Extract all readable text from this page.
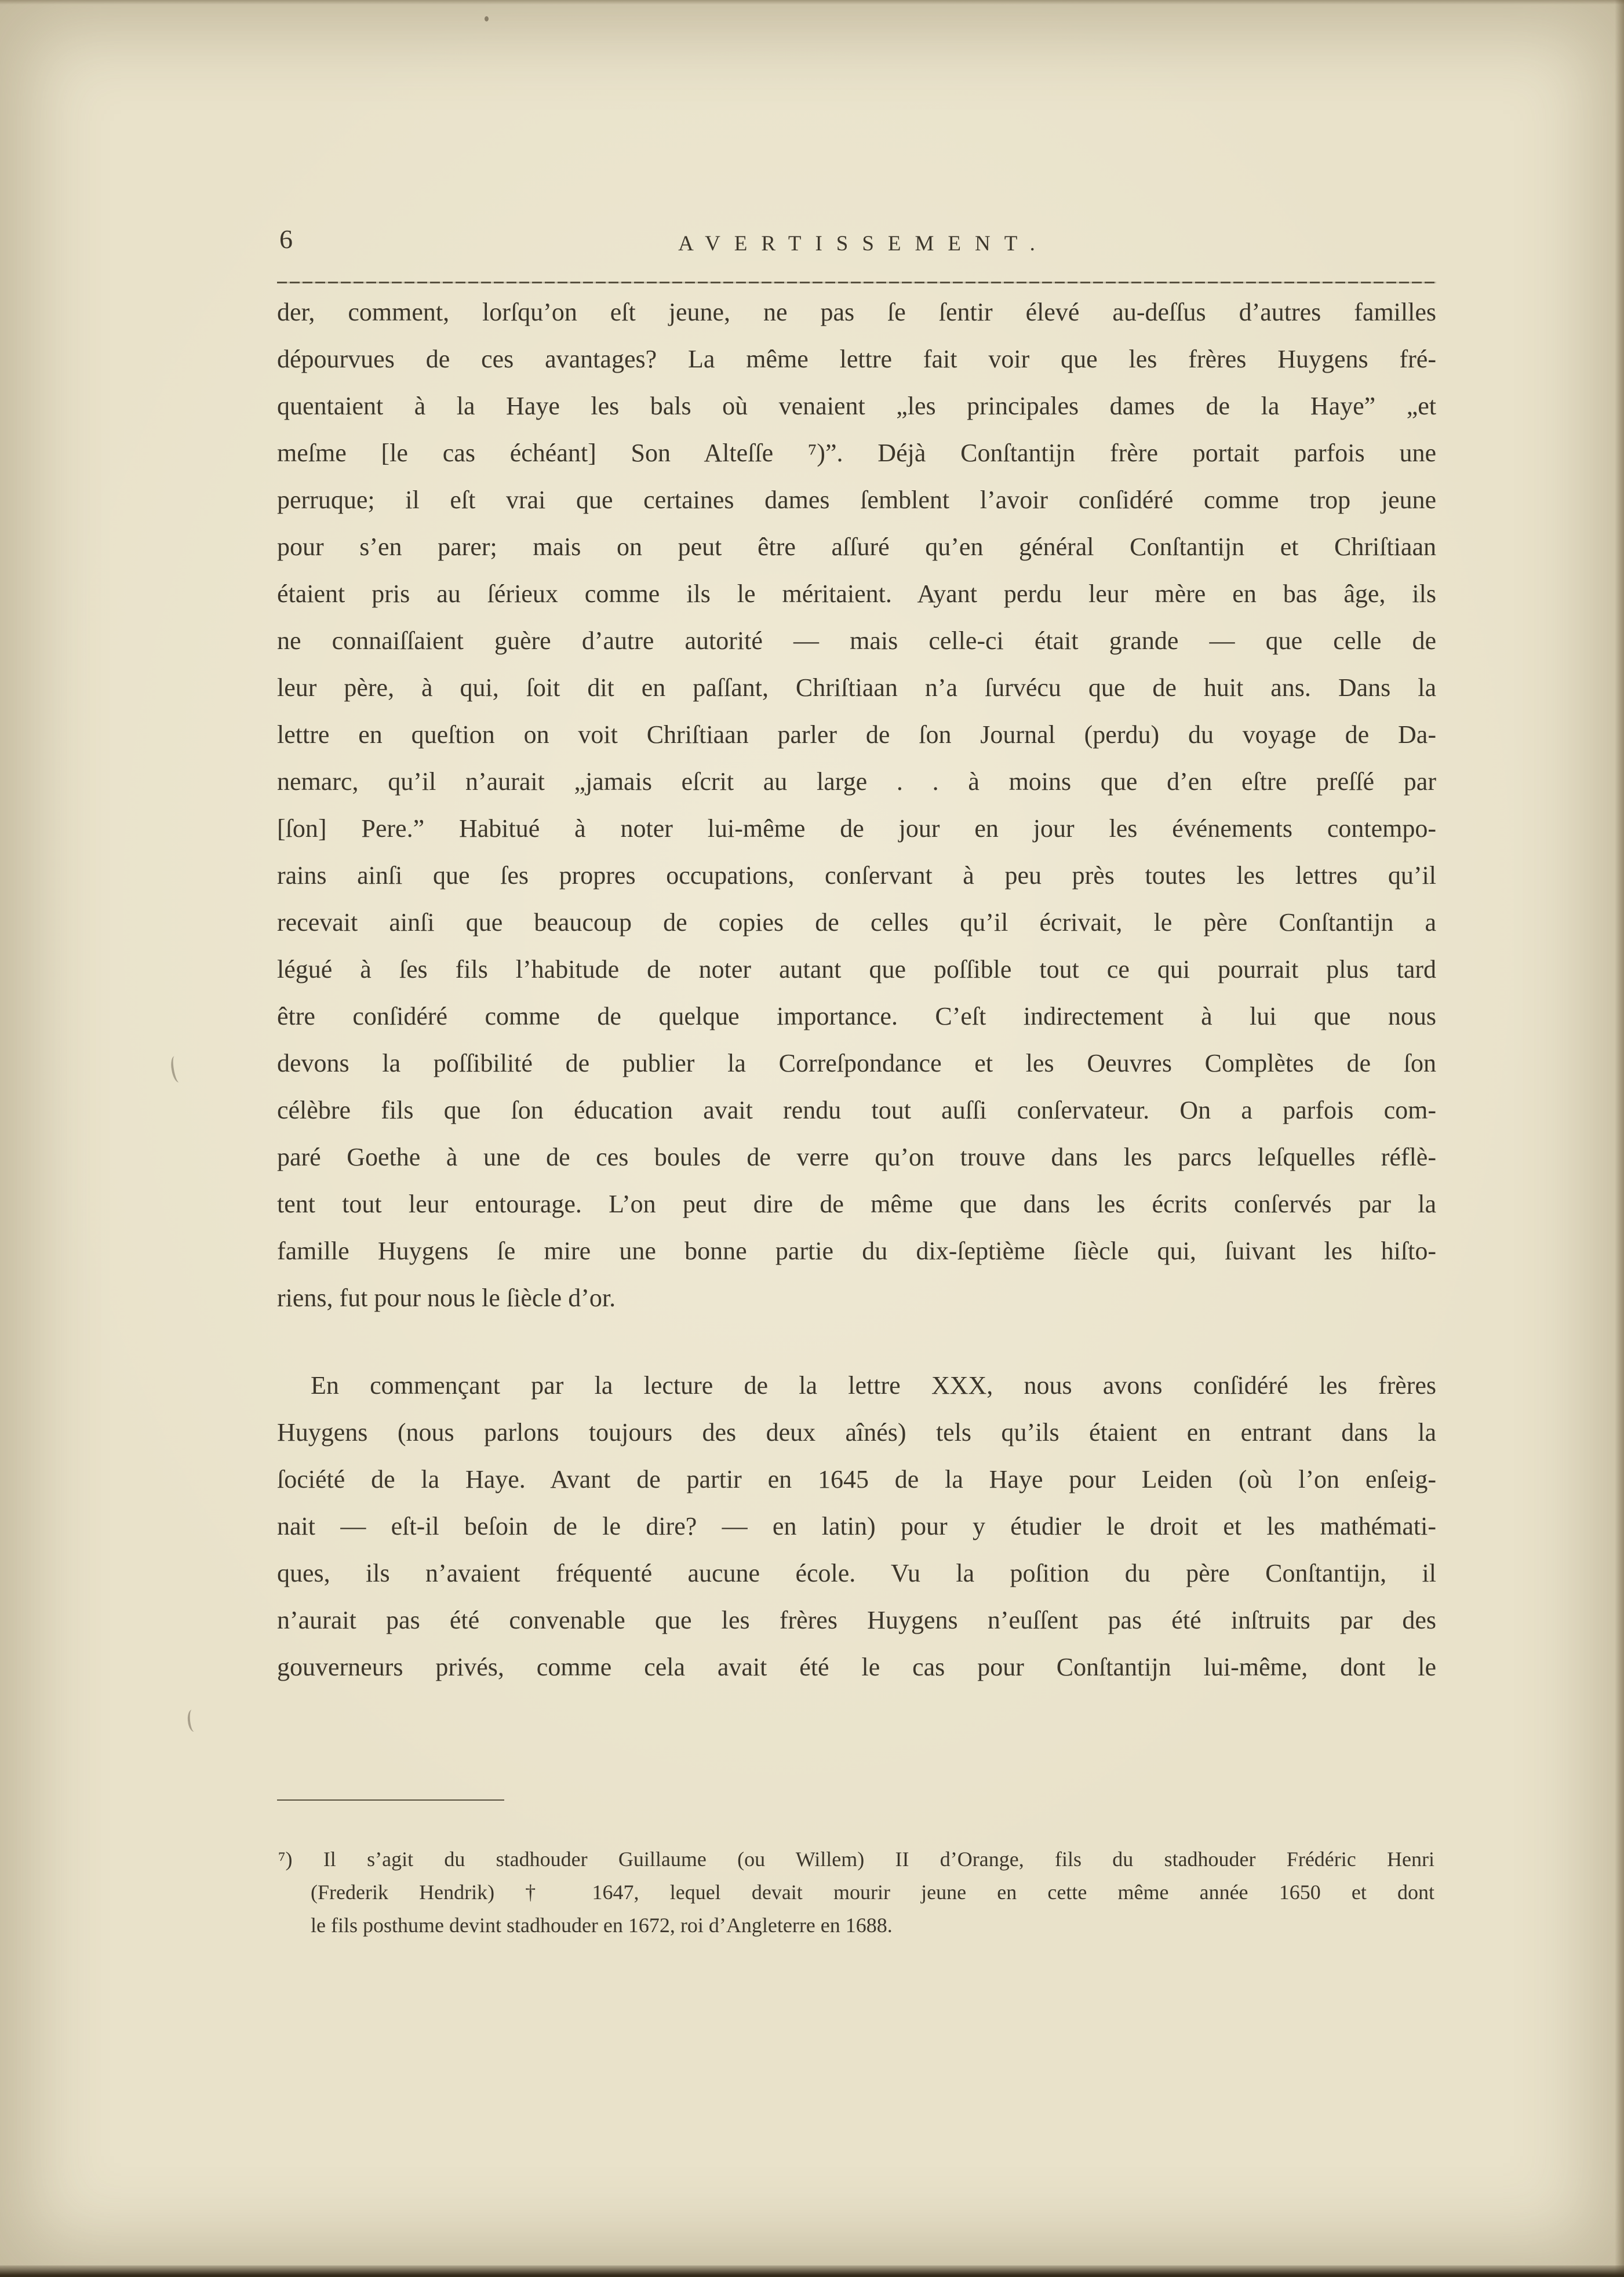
6	AVERTISSEMENT.
der, comment, lorſqu’on eſt jeune, ne pas ſe ſentir élevé au-deſſus d’autres familles
dépourvues de ces avantages? La même lettre fait voir que les frères Huygens fré-
quentaient à la Haye les bals où venaient „les principales dames de la Haye” „et
meſme [le cas échéant] Son Alteſſe ⁷)”. Déjà Conſtantijn frère portait parfois une
perruque; il eſt vrai que certaines dames ſemblent l’avoir conſidéré comme trop jeune
pour s’en parer; mais on peut être aſſuré qu’en général Conſtantijn et Chriſtiaan
étaient pris au ſérieux comme ils le méritaient. Ayant perdu leur mère en bas âge, ils
ne connaiſſaient guère d’autre autorité — mais celle-ci était grande — que celle de
leur père, à qui, ſoit dit en paſſant, Chriſtiaan n’a ſurvécu que de huit ans. Dans la
lettre en queſtion on voit Chriſtiaan parler de ſon Journal (perdu) du voyage de Da-
nemarc, qu’il n’aurait „jamais eſcrit au large . . à moins que d’en eſtre preſſé par
[ſon] Pere.” Habitué à noter lui-même de jour en jour les événements contempo-
rains ainſi que ſes propres occupations, conſervant à peu près toutes les lettres qu’il
recevait ainſi que beaucoup de copies de celles qu’il écrivait, le père Conſtantijn a
légué à ſes fils l’habitude de noter autant que poſſible tout ce qui pourrait plus tard
être conſidéré comme de quelque importance. C’eſt indirectement à lui que nous
devons la poſſibilité de publier la Correſpondance et les Oeuvres Complètes de ſon
célèbre fils que ſon éducation avait rendu tout auſſi conſervateur. On a parfois com-
paré Goethe à une de ces boules de verre qu’on trouve dans les parcs leſquelles réflè-
tent tout leur entourage. L’on peut dire de même que dans les écrits conſervés par la
famille Huygens ſe mire une bonne partie du dix-ſeptième ſiècle qui, ſuivant les hiſto-
riens, fut pour nous le ſiècle d’or.
En commençant par la lecture de la lettre XXX, nous avons conſidéré les frères
Huygens (nous parlons toujours des deux aînés) tels qu’ils étaient en entrant dans la
ſociété de la Haye. Avant de partir en 1645 de la Haye pour Leiden (où l’on enſeig-
nait — eſt-il beſoin de le dire? — en latin) pour y étudier le droit et les mathémati-
ques, ils n’avaient fréquenté aucune école. Vu la poſition du père Conſtantijn, il
n’aurait pas été convenable que les frères Huygens n’euſſent pas été inſtruits par des
gouverneurs privés, comme cela avait été le cas pour Conſtantijn lui-même, dont le
⁷) Il s’agit du stadhouder Guillaume (ou Willem) II d’Orange, fils du stadhouder Frédéric Henri
(Frederik Hendrik) † 1647, lequel devait mourir jeune en cette même année 1650 et dont
le fils posthume devint stadhouder en 1672, roi d’Angleterre en 1688.
